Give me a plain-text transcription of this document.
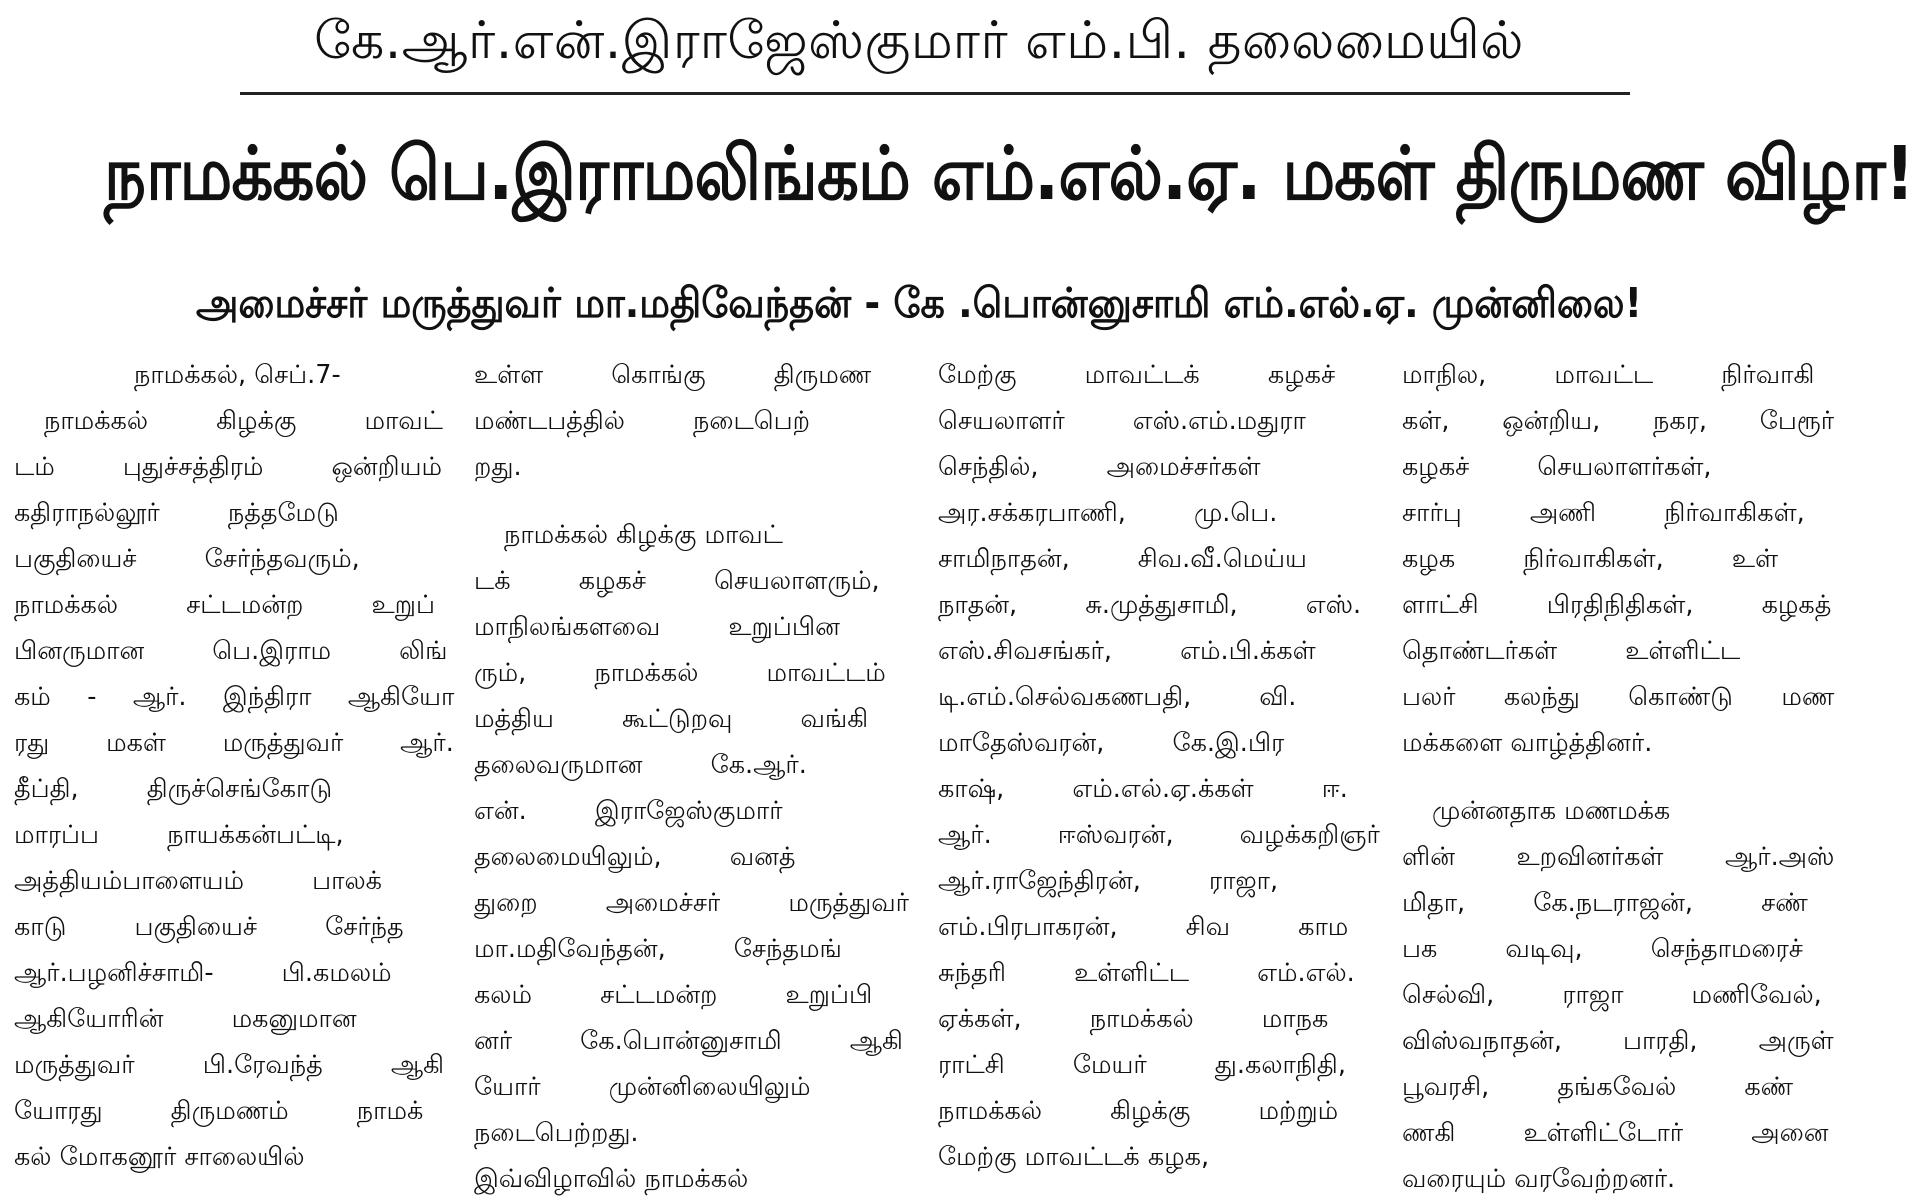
கே.ஆர்.என்.இராஜேஸ்குமார் எம்.பி. தலைமையில்
நாமக்கல் பெ.இராமலிங்கம் எம்.எல்.ஏ. மகள் திருமண விழா!
அமைச்சர் மருத்துவர் மா.மதிவேந்தன் - கே .பொன்னுசாமி எம்.எல்.ஏ. முன்னிலை!
நாமக்கல், செப்.7-
நாமக்கல் கிழக்கு மாவட்
டம் புதுச்சத்திரம் ஒன்றியம்
கதிராநல்லூர் நத்தமேடு
பகுதியைச் சேர்ந்தவரும்,
நாமக்கல் சட்டமன்ற உறுப்
பினருமான பெ.இராம லிங்
கம் - ஆர். இந்திரா ஆகியோ
ரது மகள் மருத்துவர் ஆர்.
தீப்தி, திருச்செங்கோடு
மாரப்ப நாயக்கன்பட்டி,
அத்தியம்பாளையம் பாலக்
காடு பகுதியைச் சேர்ந்த
ஆர்.பழனிச்சாமி- பி.கமலம்
ஆகியோரின் மகனுமான
மருத்துவர் பி.ரேவந்த் ஆகி
யோரது திருமணம் நாமக்
கல் மோகனூர் சாலையில்
உள்ள கொங்கு திருமண
மண்டபத்தில் நடைபெற்
றது.
நாமக்கல் கிழக்கு மாவட்
டக் கழகச் செயலாளரும்,
மாநிலங்களவை உறுப்பின
ரும், நாமக்கல் மாவட்டம்
மத்திய கூட்டுறவு வங்கி
தலைவருமான கே.ஆர்.
என். இராஜேஸ்குமார்
தலைமையிலும், வனத்
துறை அமைச்சர் மருத்துவர்
மா.மதிவேந்தன், சேந்தமங்
கலம் சட்டமன்ற உறுப்பி
னர் கே.பொன்னுசாமி ஆகி
யோர் முன்னிலையிலும்
நடைபெற்றது.
இவ்விழாவில் நாமக்கல்
மேற்கு மாவட்டக் கழகச்
செயலாளர் எஸ்.எம்.மதுரா
செந்தில், அமைச்சர்கள்
அர.சக்கரபாணி, மு.பெ.
சாமிநாதன், சிவ.வீ.மெய்ய
நாதன், சு.முத்துசாமி, எஸ்.
எஸ்.சிவசங்கர், எம்.பி.க்கள்
டி.எம்.செல்வகணபதி, வி.
மாதேஸ்வரன், கே.இ.பிர
காஷ், எம்.எல்.ஏ.க்கள் ஈ.
ஆர். ஈஸ்வரன், வழக்கறிஞர்
ஆர்.ராஜேந்திரன், ராஜா,
எம்.பிரபாகரன், சிவ காம
சுந்தரி உள்ளிட்ட எம்.எல்.
ஏக்கள், நாமக்கல் மாநக
ராட்சி மேயர் து.கலாநிதி,
நாமக்கல் கிழக்கு மற்றும்
மேற்கு மாவட்டக் கழக,
மாநில, மாவட்ட நிர்வாகி
கள், ஒன்றிய, நகர, பேரூர்
கழகச் செயலாளர்கள்,
சார்பு அணி நிர்வாகிகள்,
கழக நிர்வாகிகள், உள்
ளாட்சி பிரதிநிதிகள், கழகத்
தொண்டர்கள் உள்ளிட்ட
பலர் கலந்து கொண்டு மண
மக்களை வாழ்த்தினர்.
முன்னதாக மணமக்க
ளின் உறவினர்கள் ஆர்.அஸ்
மிதா, கே.நடராஜன், சண்
பக வடிவு, செந்தாமரைச்
செல்வி, ராஜா மணிவேல்,
விஸ்வநாதன், பாரதி, அருள்
பூவரசி, தங்கவேல் கண்
ணகி உள்ளிட்டோர் அனை
வரையும் வரவேற்றனர்.
